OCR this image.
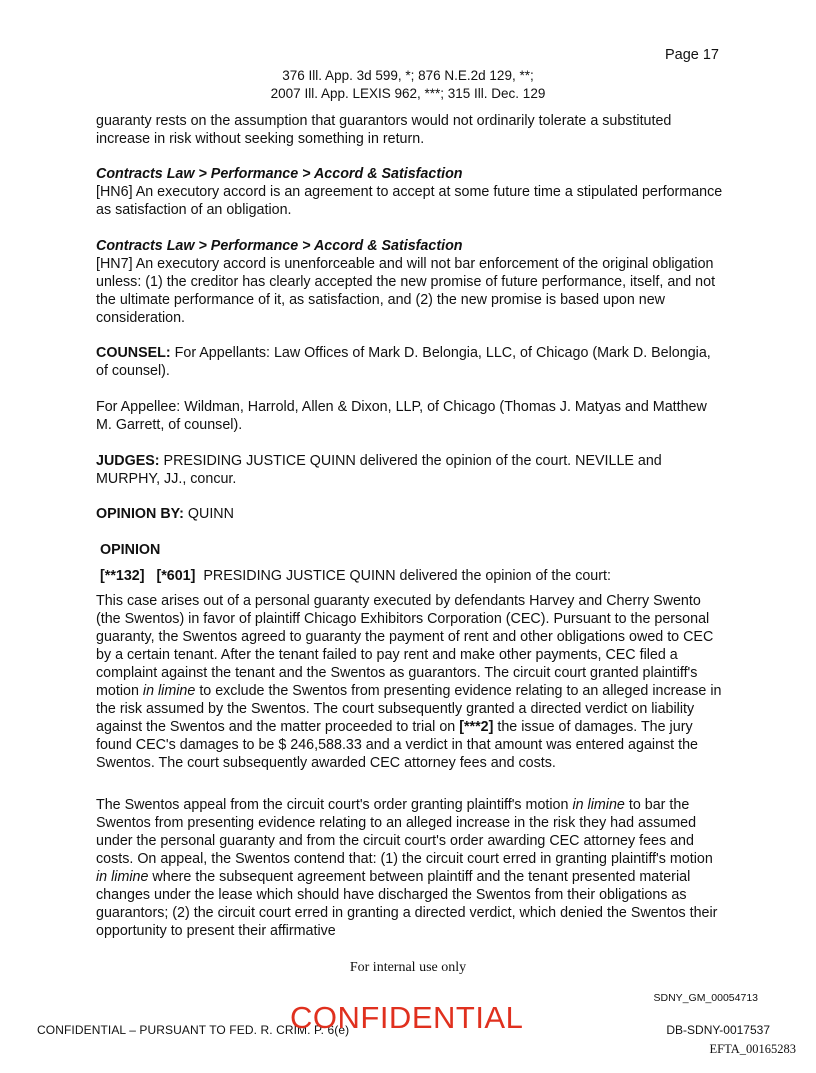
Page 17
376 Ill. App. 3d 599, *; 876 N.E.2d 129, **;
2007 Ill. App. LEXIS 962, ***; 315 Ill. Dec. 129

guaranty rests on the assumption that guarantors would not ordinarily tolerate a substituted increase in risk without seeking something in return.

Contracts Law > Performance > Accord & Satisfaction

[HN6] An executory accord is an agreement to accept at some future time a stipulated performance as satisfaction of an obligation.

Contracts Law > Performance > Accord & Satisfaction

[HN7] An executory accord is unenforceable and will not bar enforcement of the original obligation unless: (1) the creditor has clearly accepted the new promise of future performance, itself, and not the ultimate performance of it, as satisfaction, and (2) the new promise is based upon new consideration.

COUNSEL: For Appellants: Law Offices of Mark D. Belongia, LLC, of Chicago (Mark D. Belongia, of counsel).

For Appellee: Wildman, Harrold, Allen & Dixon, LLP, of Chicago (Thomas J. Matyas and Matthew M. Garrett, of counsel).

JUDGES: PRESIDING JUSTICE QUINN delivered the opinion of the court. NEVILLE and MURPHY, JJ., concur.

OPINION BY: QUINN

OPINION

[**132] [*601] PRESIDING JUSTICE QUINN delivered the opinion of the court:

This case arises out of a personal guaranty executed by defendants Harvey and Cherry Swento (the Swentos) in favor of plaintiff Chicago Exhibitors Corporation (CEC). Pursuant to the personal guaranty, the Swentos agreed to guaranty the payment of rent and other obligations owed to CEC by a certain tenant. After the tenant failed to pay rent and make other payments, CEC filed a complaint against the tenant and the Swentos as guarantors. The circuit court granted plaintiff's motion in limine to exclude the Swentos from presenting evidence relating to an alleged increase in the risk assumed by the Swentos. The court subsequently granted a directed verdict on liability against the Swentos and the matter proceeded to trial on [***2] the issue of damages. The jury found CEC's damages to be $ 246,588.33 and a verdict in that amount was entered against the Swentos. The court subsequently awarded CEC attorney fees and costs.

The Swentos appeal from the circuit court's order granting plaintiff's motion in limine to bar the Swentos from presenting evidence relating to an alleged increase in the risk they had assumed under the personal guaranty and from the circuit court's order awarding CEC attorney fees and costs. On appeal, the Swentos contend that: (1) the circuit court erred in granting plaintiff's motion in limine where the subsequent agreement between plaintiff and the tenant presented material changes under the lease which should have discharged the Swentos from their obligations as guarantors; (2) the circuit court erred in granting a directed verdict, which denied the Swentos their opportunity to present their affirmative

For internal use only
SDNY_GM_00054713
CONFIDENTIAL – PURSUANT TO FED. R. CRIM. P. 6(e)
CONFIDENTIAL	DB-SDNY-0017537
EFTA_00165283
